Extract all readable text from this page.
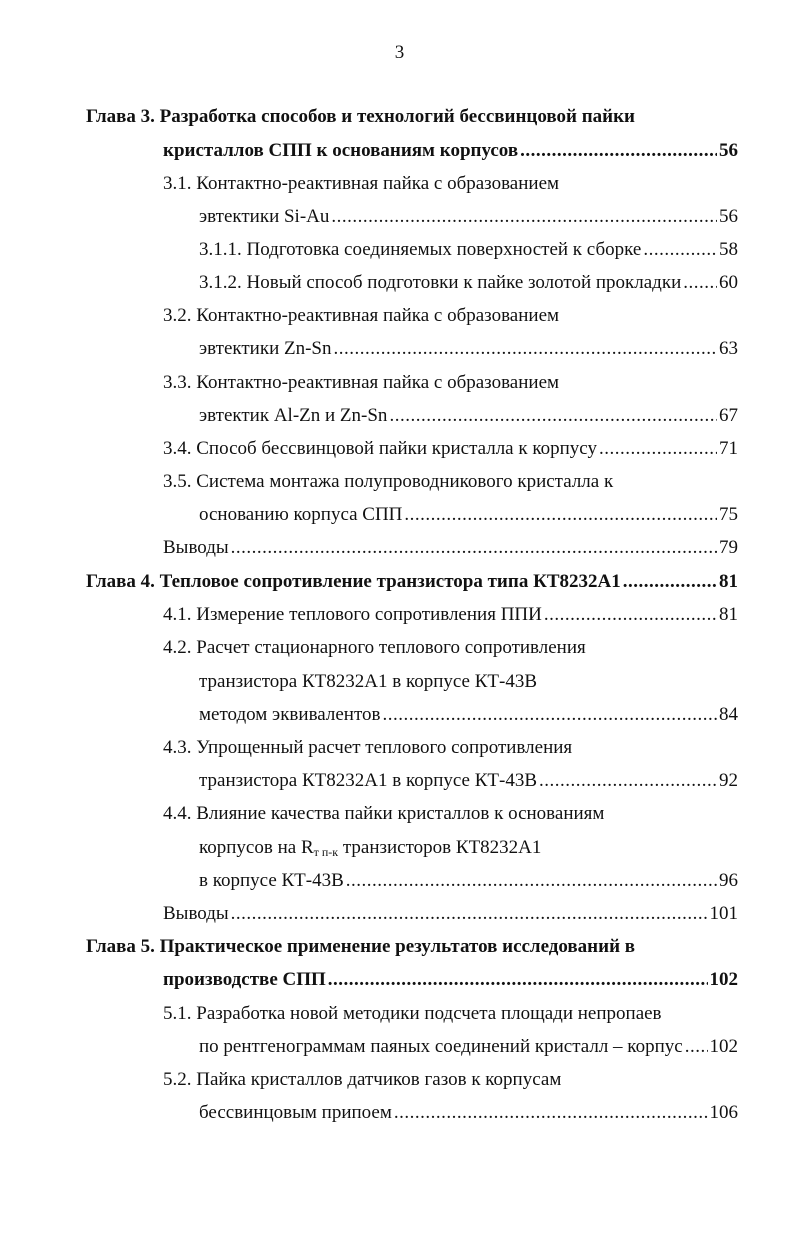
3
Глава 3. Разработка способов и технологий бессвинцовой пайки
кристаллов СПП к основаниям корпусов .....	56
3.1. Контактно-реактивная пайка с образованием
эвтектики Si-Au .....	56
3.1.1. Подготовка соединяемых поверхностей к сборке .....	58
3.1.2. Новый способ подготовки к пайке золотой прокладки ..... 60
3.2. Контактно-реактивная пайка с образованием
эвтектики Zn-Sn .....	63
3.3. Контактно-реактивная пайка с образованием
эвтектик Al-Zn и Zn-Sn .....	67
3.4. Способ бессвинцовой пайки кристалла к корпусу .....	71
3.5. Система монтажа полупроводникового кристалла к
основанию корпуса СПП .....	75
Выводы .....	79
Глава 4. Тепловое сопротивление транзистора типа КТ8232А1 .....	81
4.1. Измерение теплового сопротивления ППИ .....	81
4.2. Расчет стационарного теплового сопротивления
транзистора КТ8232А1 в корпусе КТ-43В
методом эквивалентов .....	84
4.3. Упрощенный расчет теплового сопротивления
транзистора КТ8232А1 в корпусе КТ-43В .....	92
4.4. Влияние качества пайки кристаллов к основаниям
корпусов на $R_{т п-к}$ транзисторов КТ8232А1
в корпусе КТ-43В .....	96
Выводы .....	101
Глава 5. Практическое применение результатов исследований в
производстве СПП .....	102
5.1. Разработка новой методики подсчета площади непропаев
по рентгенограммам паяных соединений кристалл – корпус ..... 102
5.2. Пайка кристаллов датчиков газов к корпусам
бессвинцовым припоем .....	106
